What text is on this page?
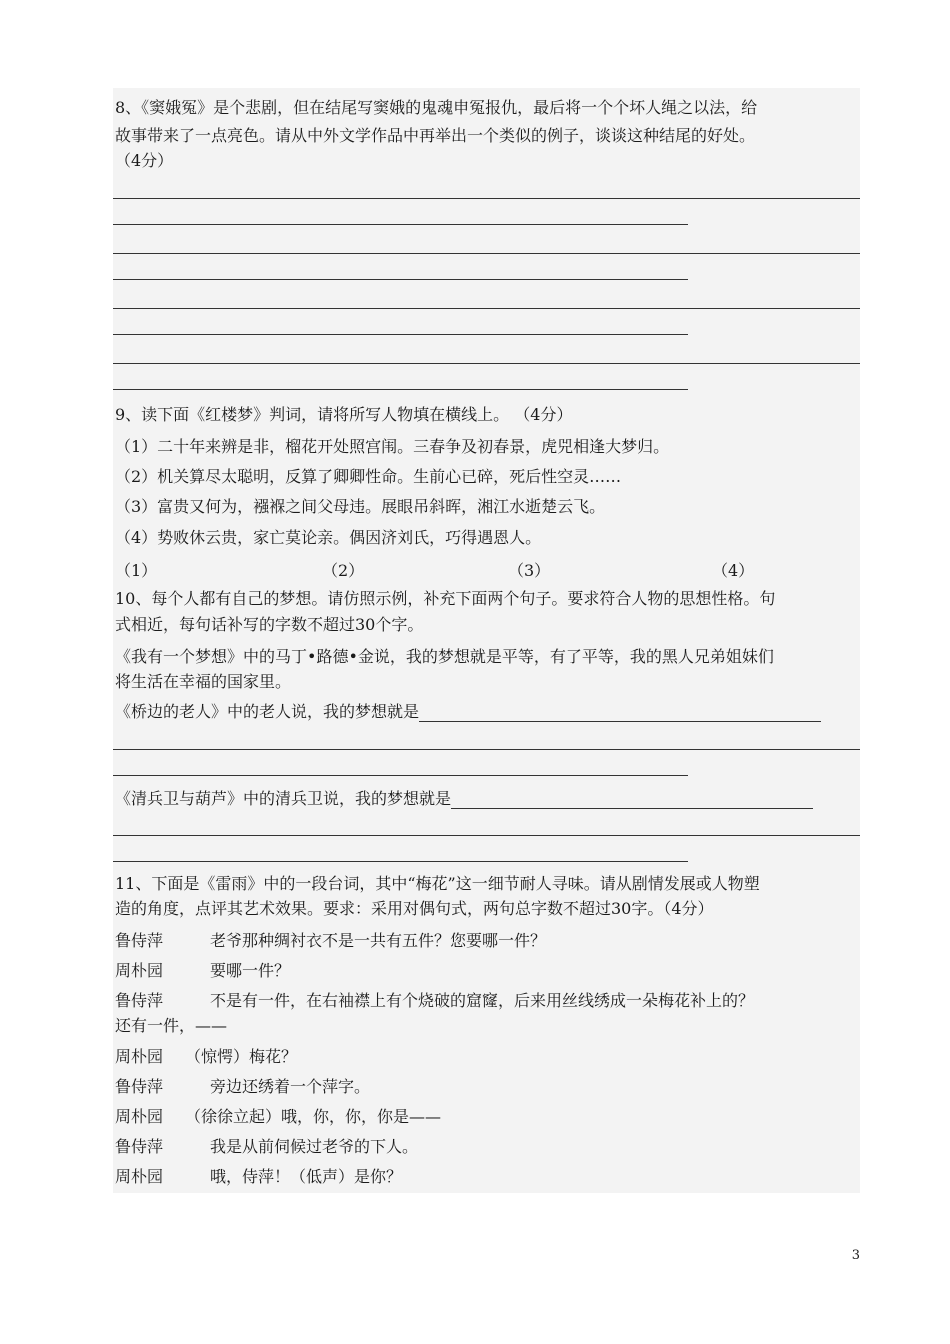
8、《窦娥冤》是个悲剧，但在结尾写窦娥的鬼魂申冤报仇，最后将一个个坏人绳之以法，给
故事带来了一点亮色。请从中外文学作品中再举出一个类似的例子，谈谈这种结尾的好处。
（4分）
9、读下面《红楼梦》判词，请将所写人物填在横线上。 （4分）
（1）二十年来辨是非，榴花开处照宫闱。三春争及初春景，虎兕相逢大梦归。
（2）机关算尽太聪明，反算了卿卿性命。生前心已碎，死后性空灵……
（3）富贵又何为，襁褓之间父母违。展眼吊斜晖，湘江水逝楚云飞。
（4）势败休云贵，家亡莫论亲。偶因济刘氏，巧得遇恩人。
（1）	（2）	（3）	（4）
10、每个人都有自己的梦想。请仿照示例，补充下面两个句子。要求符合人物的思想性格。句
式相近，每句话补写的字数不超过30个字。
《我有一个梦想》中的马丁•路德•金说，我的梦想就是平等，有了平等，我的黑人兄弟姐妹们
将生活在幸福的国家里。
《桥边的老人》中的老人说，我的梦想就是
《清兵卫与葫芦》中的清兵卫说，我的梦想就是
11、下面是《雷雨》中的一段台词，其中“梅花”这一细节耐人寻味。请从剧情发展或人物塑
造的角度，点评其艺术效果。要求：采用对偶句式，两句总字数不超过30字。（4分）
鲁侍萍	老爷那种绸衬衣不是一共有五件？您要哪一件？
周朴园	要哪一件？
鲁侍萍	不是有一件，在右袖襟上有个烧破的窟窿，后来用丝线绣成一朵梅花补上的？
还有一件，——
周朴园 （惊愕）梅花？
鲁侍萍	旁边还绣着一个萍字。
周朴园 （徐徐立起）哦，你，你，你是——
鲁侍萍	我是从前伺候过老爷的下人。
周朴园	哦，侍萍！（低声）是你？
3
